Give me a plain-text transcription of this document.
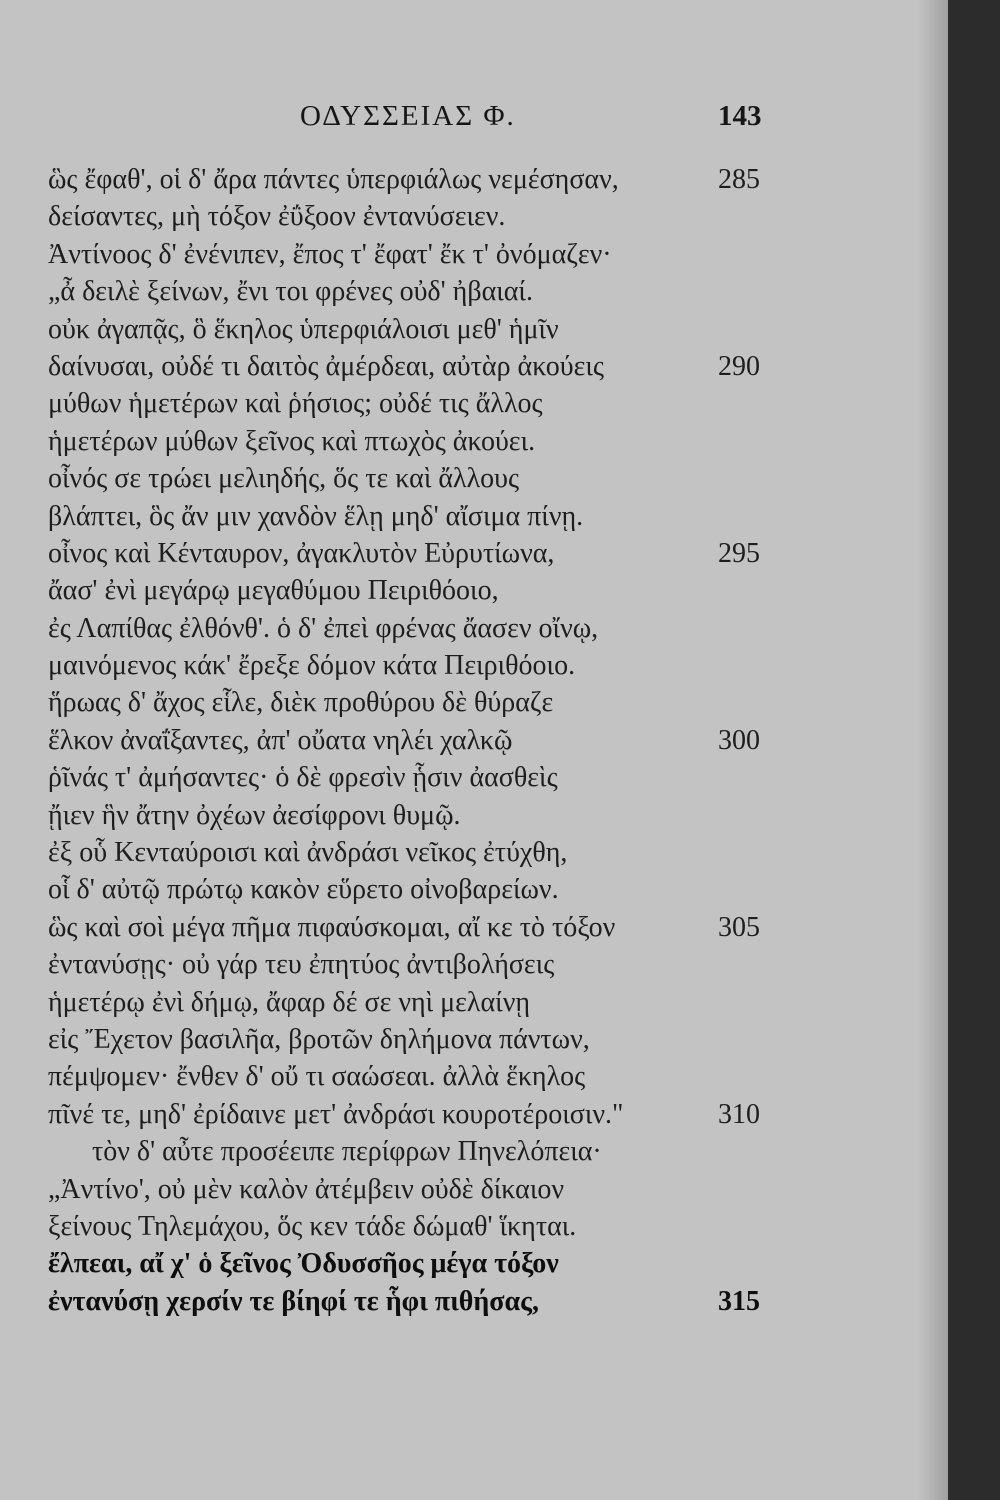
ΟΔΥΣΣΕΙΑΣ Φ.	143
ὣς ἔφαθ', οἱ δ' ἄρα πάντες ὑπερφιάλως νεμέσησαν,	285
δείσαντες, μὴ τόξον ἐΰξοον ἐντανύσειεν.
Ἀντίνοος δ' ἐνένιπεν, ἔπος τ' ἔφατ' ἔκ τ' ὀνόμαζεν·
„ἆ δειλὲ ξείνων, ἔνι τοι φρένες οὐδ' ἠβαιαί.
οὐκ ἀγαπᾷς, ὃ ἕκηλος ὑπερφιάλοισι μεθ' ἡμῖν
δαίνυσαι, οὐδέ τι δαιτὸς ἀμέρδεαι, αὐτὰρ ἀκούεις	290
μύθων ἡμετέρων καὶ ῥήσιος; οὐδέ τις ἄλλος
ἡμετέρων μύθων ξεῖνος καὶ πτωχὸς ἀκούει.
οἶνός σε τρώει μελιηδής, ὅς τε καὶ ἄλλους
βλάπτει, ὃς ἄν μιν χανδὸν ἕλῃ μηδ' αἴσιμα πίνῃ.
οἶνος καὶ Κένταυρον, ἀγακλυτὸν Εὐρυτίωνα,	295
ἄασ' ἐνὶ μεγάρῳ μεγαθύμου Πειριθόοιο,
ἐς Λαπίθας ἐλθόνθ'. ὁ δ' ἐπεὶ φρένας ἄασεν οἴνῳ,
μαινόμενος κάκ' ἔρεξε δόμον κάτα Πειριθόοιο.
ἥρωας δ' ἄχος εἷλε, διὲκ προθύρου δὲ θύραζε
ἕλκον ἀναΐξαντες, ἀπ' οὔατα νηλέι χαλκῷ	300
ῥῖνάς τ' ἀμήσαντες· ὁ δὲ φρεσὶν ᾗσιν ἀασθεὶς
ᾔιεν ἣν ἄτην ὀχέων ἀεσίφρονι θυμῷ.
ἐξ οὗ Κενταύροισι καὶ ἀνδράσι νεῖκος ἐτύχθη,
οἷ δ' αὐτῷ πρώτῳ κακὸν εὕρετο οἰνοβαρείων.
ὣς καὶ σοὶ μέγα πῆμα πιφαύσκομαι, αἴ κε τὸ τόξον	305
ἐντανύσῃς· οὐ γάρ τευ ἐπητύος ἀντιβολήσεις
ἡμετέρῳ ἐνὶ δήμῳ, ἄφαρ δέ σε νηὶ μελαίνῃ
εἰς Ἔχετον βασιλῆα, βροτῶν δηλήμονα πάντων,
πέμψομεν· ἔνθεν δ' οὔ τι σαώσεαι. ἀλλὰ ἕκηλος
πῖνέ τε, μηδ' ἐρίδαινε μετ' ἀνδράσι κουροτέροισιν."	310
τὸν δ' αὖτε προσέειπε περίφρων Πηνελόπεια·
„Ἀντίνο', οὐ μὲν καλὸν ἀτέμβειν οὐδὲ δίκαιον
ξείνους Τηλεμάχου, ὅς κεν τάδε δώμαθ' ἵκηται.
ἔλπεαι, αἴ χ' ὁ ξεῖνος Ὀδυσσῆος μέγα τόξον
ἐντανύσῃ χερσίν τε βίηφί τε ἧφι πιθήσας,	315
